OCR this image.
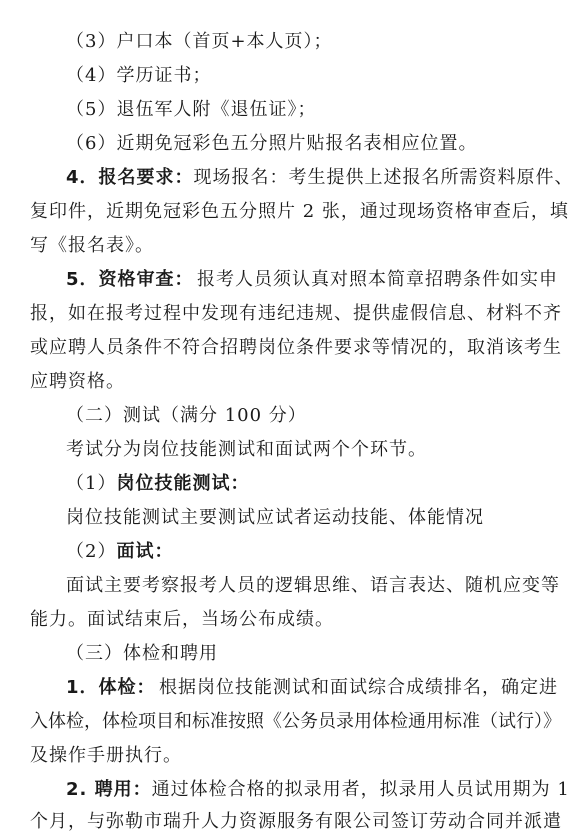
（3）户口本（首页+本人页）；
（4）学历证书；
（5）退伍军人附《退伍证》；
（6）近期免冠彩色五分照片贴报名表相应位置。
4．报名要求： 现场报名：考生提供上述报名所需资料原件、
复印件，近期免冠彩色五分照片 2 张，通过现场资格审查后，填
写《报名表》。
5．资格审查： 报考人员须认真对照本简章招聘条件如实申
报，如在报考过程中发现有违纪违规、提供虚假信息、材料不齐
或应聘人员条件不符合招聘岗位条件要求等情况的，取消该考生
应聘资格。
（二）测试（满分 100 分）
考试分为岗位技能测试和面试两个个环节。
（1）岗位技能测试：
岗位技能测试主要测试应试者运动技能、体能情况
（2）面试：
面试主要考察报考人员的逻辑思维、语言表达、随机应变等
能力。面试结束后，当场公布成绩。
（三）体检和聘用
1．体检： 根据岗位技能测试和面试综合成绩排名，确定进
入体检，体检项目和标准按照《公务员录用体检通用标准（试行）》
及操作手册执行。
2. 聘用： 通过体检合格的拟录用者，拟录用人员试用期为 1
个月，与弥勒市瑞升人力资源服务有限公司签订劳动合同并派遣
